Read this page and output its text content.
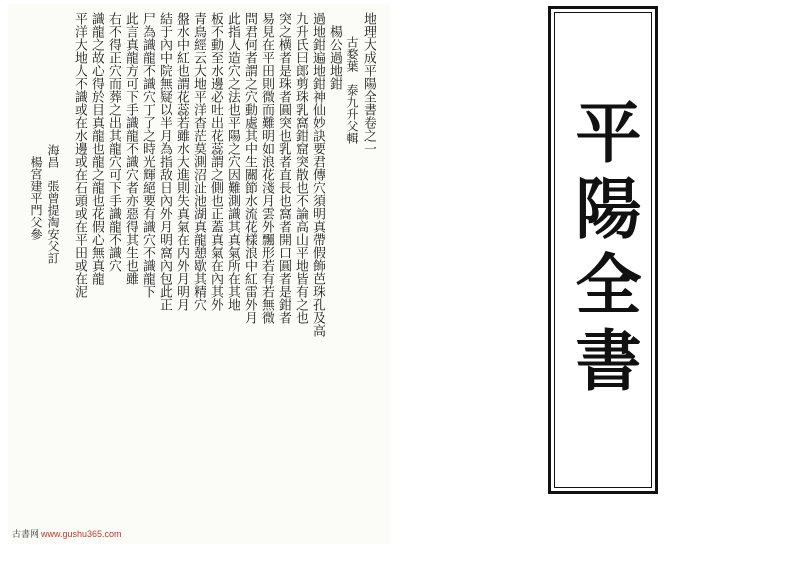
地理大成平陽全書卷之一
　　古婺葉　泰九升父輯
　楊公過地鉗
過地鉗遍地鉗神仙妙訣要君傳穴須明真帶假飾芭珠孔及高
九升氏曰郎剪珠乳窩鉗窟突散也不論高山平地皆有之也
突之横者是珠者圓突也乳者直長也窩者開口圓者是鉗者
易見在平田則微而難明如浪花淺月雲外飄形若有若無微
問君何者謂之穴動處其中生關節水流花樣浪中紅雷外月
此指人造穴之法也平陽之穴因難測識其真氣所在其地
板不動至水邊必吐出花蕊謂之側也正蓋真氣在內其外
青鳥經云大地平洋杳茫莫測沼沚池湖真龍憩歇其精穴
盤水中紅也謂花蕊若雖水大進則失真氣在内外月明月
結于內中院無疑以半月為指敌日內外月明窩內包此正
尸為識龍不識穴丁了之時光輝絕要有識穴不識龍下
此言真龍方可下手識龍不識穴者亦惡得其生也雖
右不得正穴而葬之出其龍穴可下手識龍不識穴
識龍之故心得於目真龍也龍之龍也花假心無真龍
平洋大地人不識或在水邊或在石頭或在平田或在泥
　　　　　　　　　　　海昌　張曾提淘安父訂
　　　　　　　　　　　　楊宮建平門父參
古書网 www.gushu365.com
平陽全書
